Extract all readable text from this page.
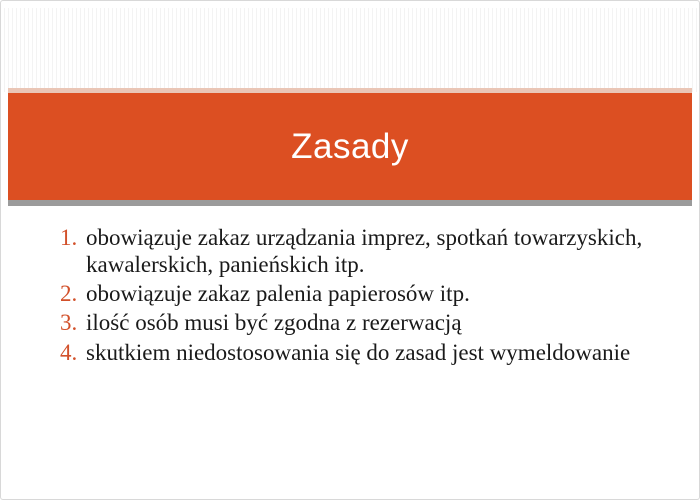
Zasady
1. obowiązuje zakaz urządzania imprez, spotkań towarzyskich, kawalerskich, panieńskich itp.
2. obowiązuje zakaz palenia papierosów itp.
3. ilość osób musi być zgodna z rezerwacją
4. skutkiem niedostosowania się do zasad jest wymeldowanie
